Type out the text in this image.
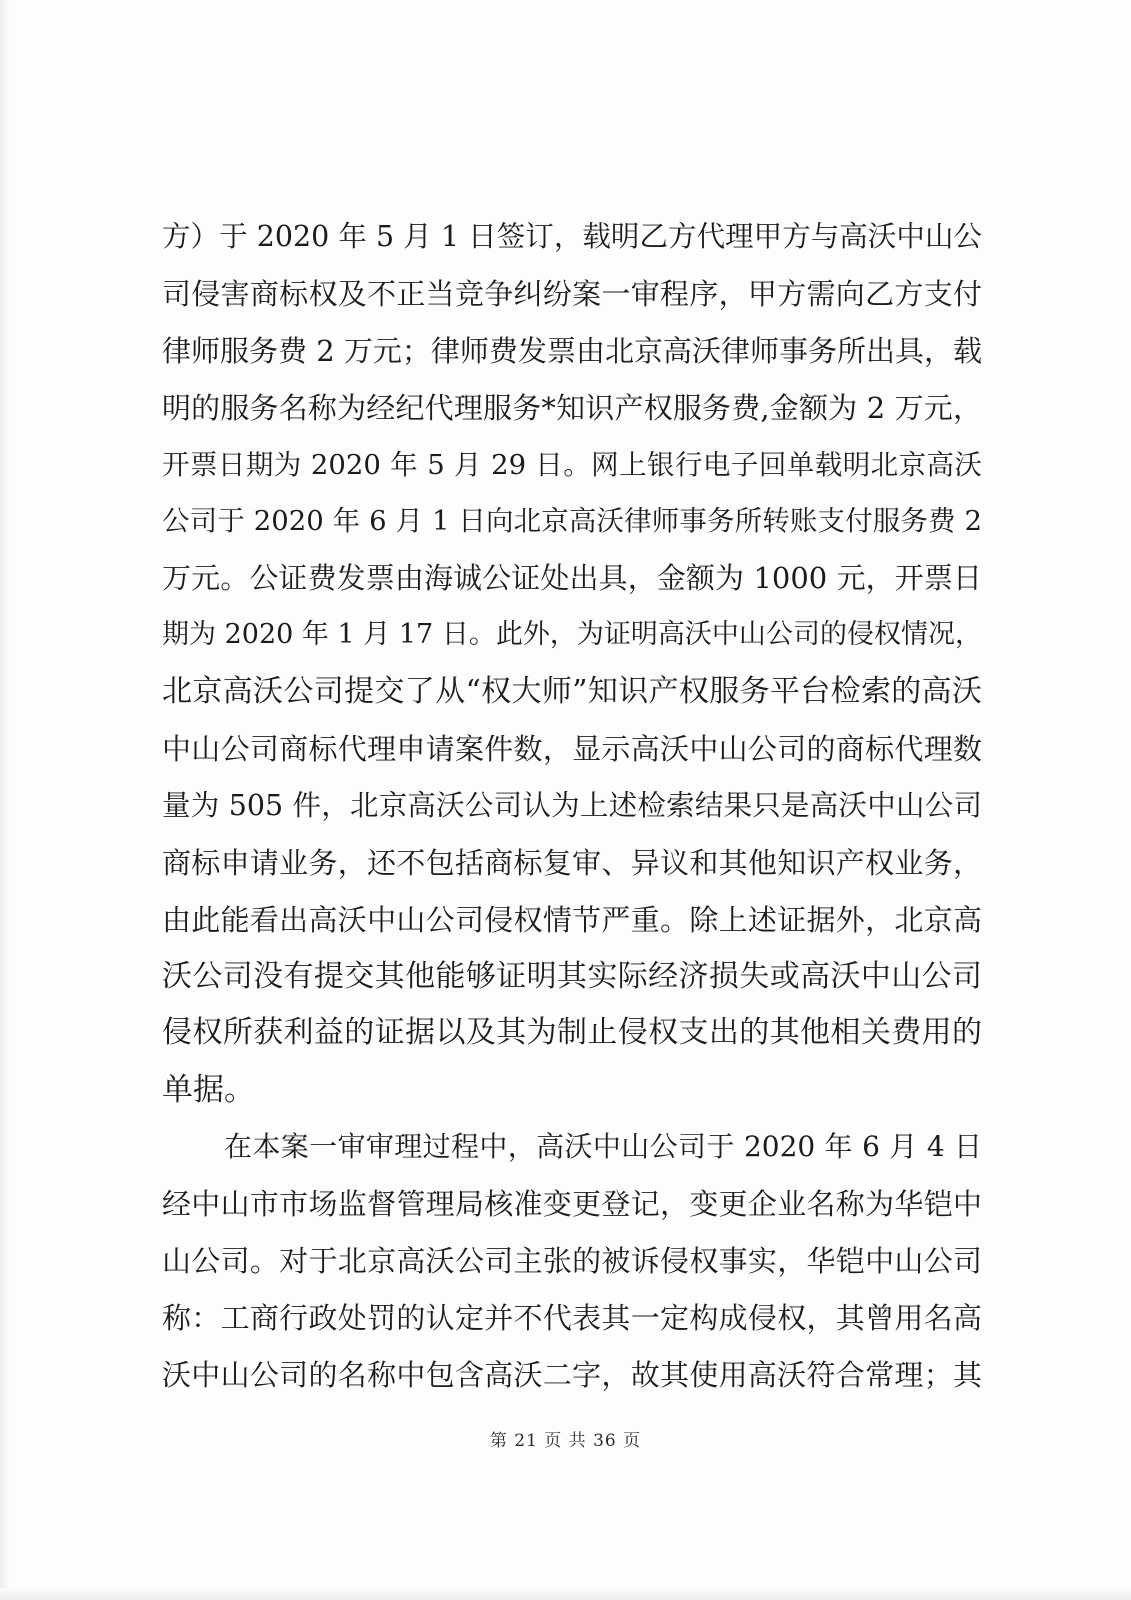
方）于 2020 年 5 月 1 日签订，载明乙方代理甲方与高沃中山公
司侵害商标权及不正当竞争纠纷案一审程序，甲方需向乙方支付
律师服务费 2 万元；律师费发票由北京高沃律师事务所出具，载
明的服务名称为经纪代理服务*知识产权服务费,金额为 2 万元，
开票日期为 2020 年 5 月 29 日。网上银行电子回单载明北京高沃
公司于 2020 年 6 月 1 日向北京高沃律师事务所转账支付服务费 2
万元。公证费发票由海诚公证处出具，金额为 1000 元，开票日
期为 2020 年 1 月 17 日。此外，为证明高沃中山公司的侵权情况，
北京高沃公司提交了从“权大师”知识产权服务平台检索的高沃
中山公司商标代理申请案件数，显示高沃中山公司的商标代理数
量为 505 件，北京高沃公司认为上述检索结果只是高沃中山公司
商标申请业务，还不包括商标复审、异议和其他知识产权业务，
由此能看出高沃中山公司侵权情节严重。除上述证据外，北京高
沃公司没有提交其他能够证明其实际经济损失或高沃中山公司
侵权所获利益的证据以及其为制止侵权支出的其他相关费用的
单据。
在本案一审审理过程中，高沃中山公司于 2020 年 6 月 4 日
经中山市市场监督管理局核准变更登记，变更企业名称为华铠中
山公司。对于北京高沃公司主张的被诉侵权事实，华铠中山公司
称：工商行政处罚的认定并不代表其一定构成侵权，其曾用名高
沃中山公司的名称中包含高沃二字，故其使用高沃符合常理；其
第 21 页 共 36 页
